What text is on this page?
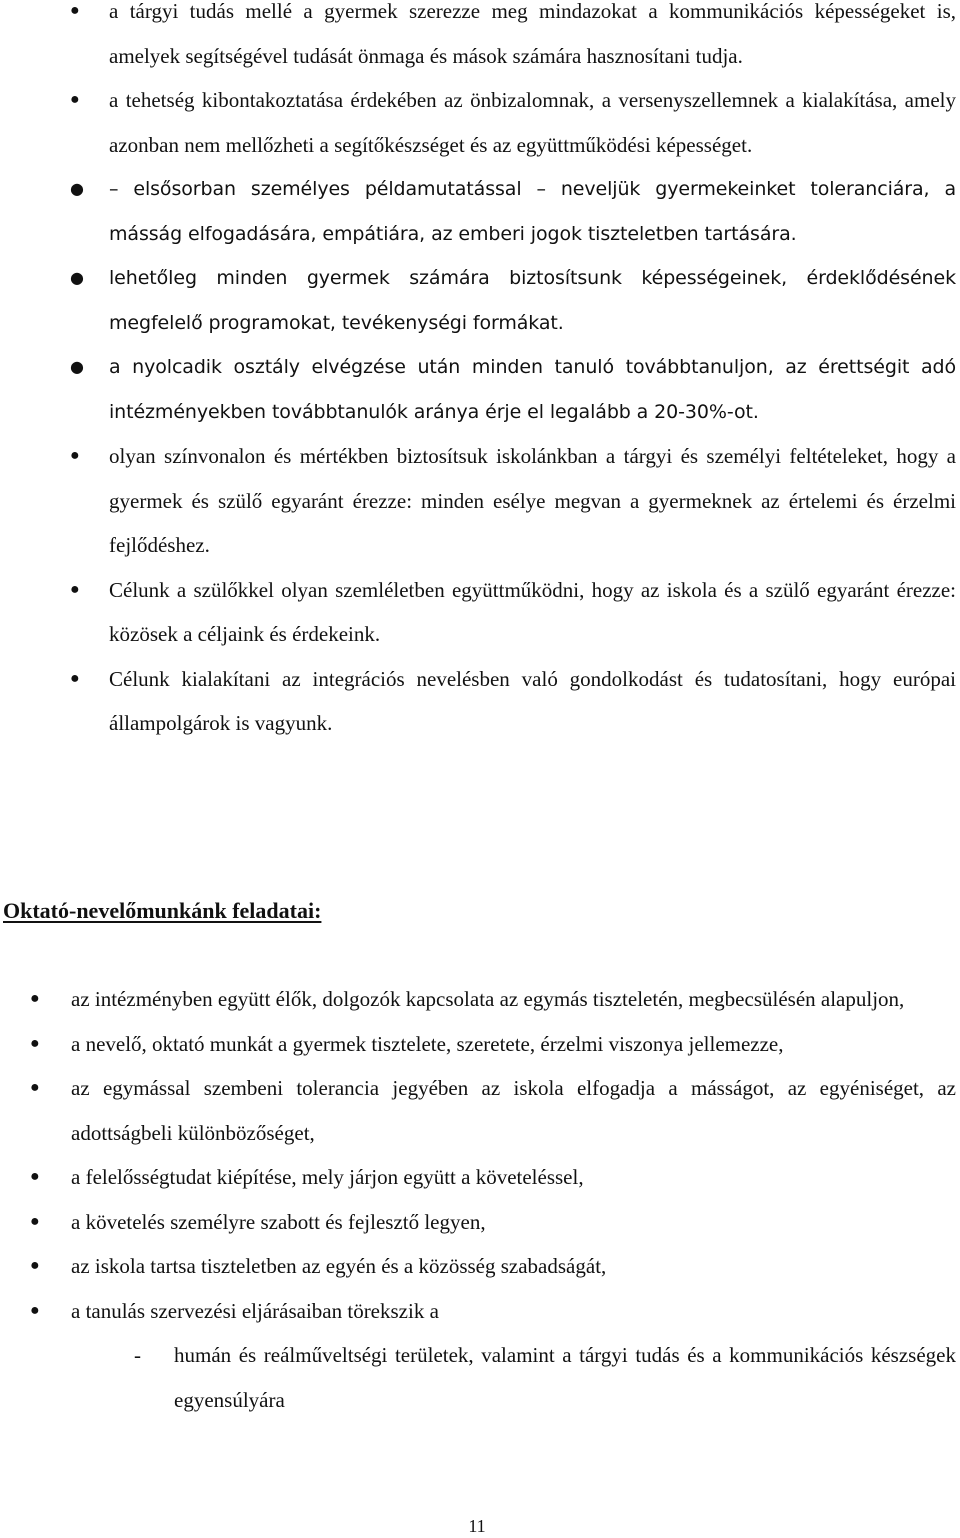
● a tárgyi tudás mellé a gyermek szerezze meg mindazokat a kommunikációs képességeket is, amelyek segítségével tudását önmaga és mások számára hasznosítani tudja.
● a tehetség kibontakoztatása érdekében az önbizalomnak, a versenyszellemnek a kialakítása, amely azonban nem mellőzheti a segítőkészséget és az együttműködési képességet.
● – elsősorban személyes példamutatással – neveljük gyermekeinket toleranciára, a másság elfogadására, empátiára, az emberi jogok tiszteletben tartására.
● lehetőleg minden gyermek számára biztosítsunk képességeinek, érdeklődésének megfelelő programokat, tevékenységi formákat.
● a nyolcadik osztály elvégzése után minden tanuló továbbtanuljon, az érettségit adó intézményekben továbbtanulók aránya érje el legalább a 20-30%-ot.
● olyan színvonalon és mértékben biztosítsuk iskolánkban a tárgyi és személyi feltételeket, hogy a gyermek és szülő egyaránt érezze: minden esélye megvan a gyermeknek az értelemi és érzelmi fejlődéshez.
● Célunk a szülőkkel olyan szemléletben együttműködni, hogy az iskola és a szülő egyaránt érezze: közösek a céljaink és érdekeink.
● Célunk kialakítani az integrációs nevelésben való gondolkodást és tudatosítani, hogy európai állampolgárok is vagyunk.
Oktató-nevelőmunkánk feladatai:
● az intézményben együtt élők, dolgozók kapcsolata az egymás tiszteletén, megbecsülésén alapuljon,
● a nevelő, oktató munkát a gyermek tisztelete, szeretete, érzelmi viszonya jellemezze,
● az egymással szembeni tolerancia jegyében az iskola elfogadja a másságot, az egyéniséget, az adottságbeli különbözőséget,
● a felelősségtudat kiépítése, mely járjon együtt a követeléssel,
● a követelés személyre szabott és fejlesztő legyen,
● az iskola tartsa tiszteletben az egyén és a közösség szabadságát,
● a tanulás szervezési eljárásaiban törekszik a
- humán és reálműveltségi területek, valamint a tárgyi tudás és a kommunikációs készségek egyensúlyára
11
